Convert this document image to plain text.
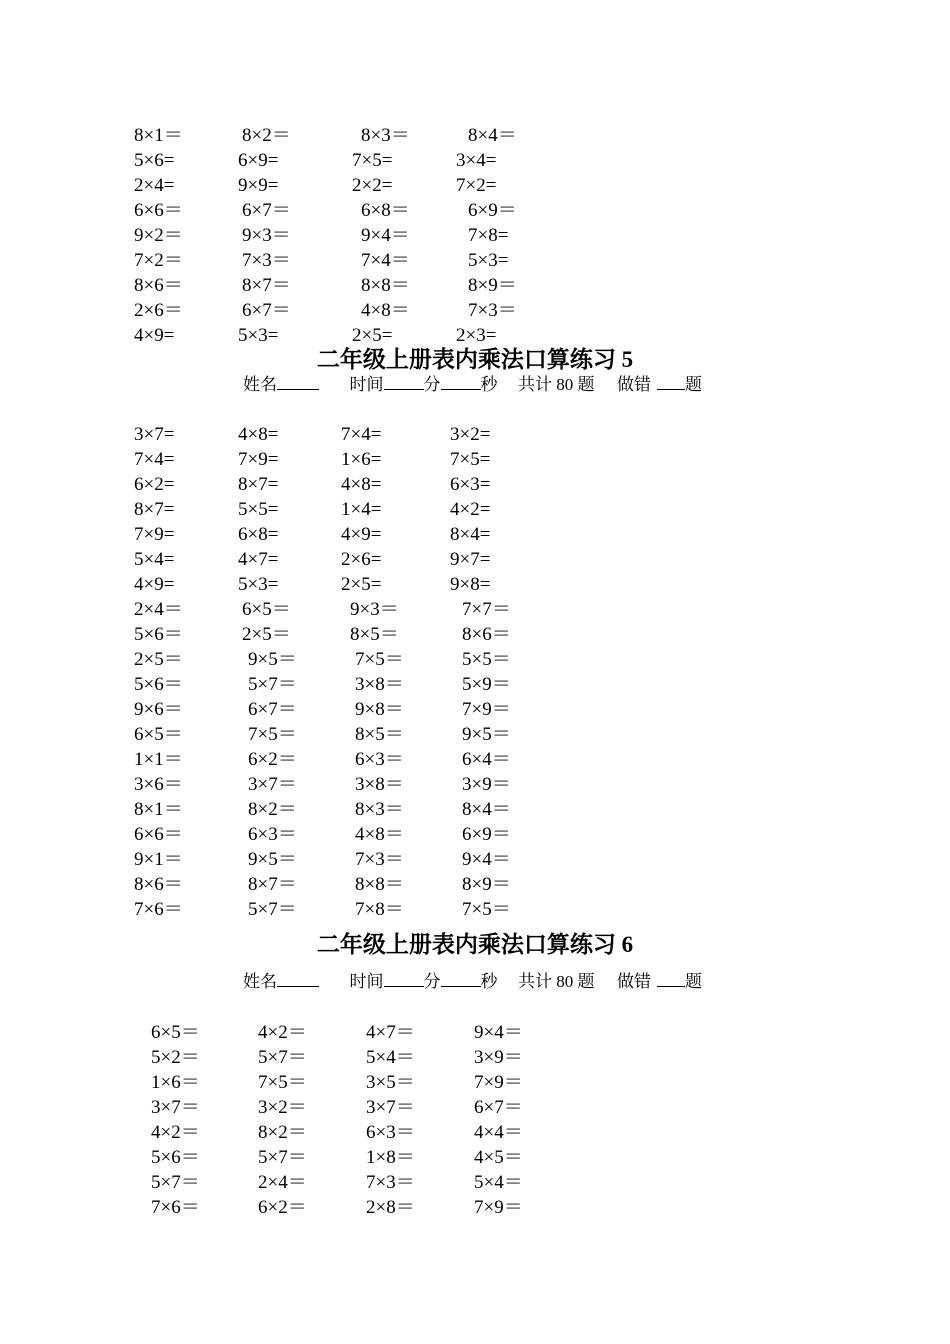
8×1＝	8×2＝	8×3＝	8×4＝
5×6=	6×9=	7×5=	3×4=
2×4=	9×9=	2×2=	7×2=
6×6＝	6×7＝	6×8＝	6×9＝
9×2＝	9×3＝	9×4＝	7×8=
7×2＝	7×3＝	7×4＝	5×3=
8×6＝	8×7＝	8×8＝	8×9＝
2×6＝	6×7＝	4×8＝	7×3＝
4×9=	5×3=	2×5=	2×3=
二年级上册表内乘法口算练习 5
姓名	时间 分 秒 共计 80 题 做错 题
3×7=	4×8=	7×4=	3×2=
7×4=	7×9=	1×6=	7×5=
6×2=	8×7=	4×8=	6×3=
8×7=	5×5=	1×4=	4×2=
7×9=	6×8=	4×9=	8×4=
5×4=	4×7=	2×6=	9×7=
4×9=	5×3=	2×5=	9×8=
2×4＝	6×5＝	9×3＝	7×7＝
5×6＝	2×5＝	8×5＝	8×6＝
2×5＝	9×5＝	7×5＝	5×5＝
5×6＝	5×7＝	3×8＝	5×9＝
9×6＝	6×7＝	9×8＝	7×9＝
6×5＝	7×5＝	8×5＝	9×5＝
1×1＝	6×2＝	6×3＝	6×4＝
3×6＝	3×7＝	3×8＝	3×9＝
8×1＝	8×2＝	8×3＝	8×4＝
6×6＝	6×3＝	4×8＝	6×9＝
9×1＝	9×5＝	7×3＝	9×4＝
8×6＝	8×7＝	8×8＝	8×9＝
7×6＝	5×7＝	7×8＝	7×5＝
二年级上册表内乘法口算练习 6
姓名	时间 分 秒 共计 80 题 做错 题
6×5＝	4×2＝	4×7＝	9×4＝
5×2＝	5×7＝	5×4＝	3×9＝
1×6＝	7×5＝	3×5＝	7×9＝
3×7＝	3×2＝	3×7＝	6×7＝
4×2＝	8×2＝	6×3＝	4×4＝
5×6＝	5×7＝	1×8＝	4×5＝
5×7＝	2×4＝	7×3＝	5×4＝
7×6＝	6×2＝	2×8＝	7×9＝
